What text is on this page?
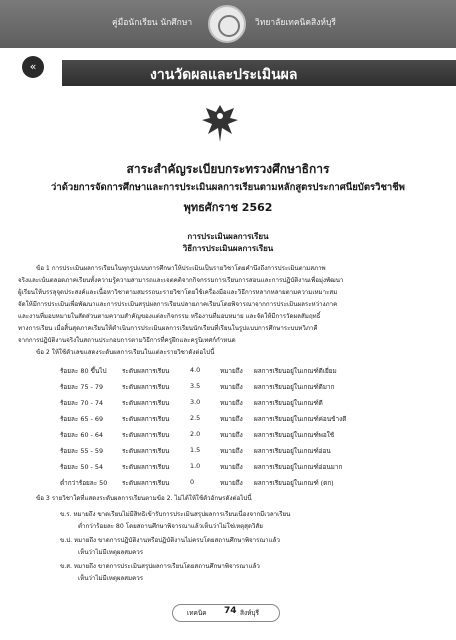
คู่มือนักเรียน นักศึกษา	วิทยาลัยเทคนิคสิงห์บุรี
«
งานวัดผลและประเมินผล
สาระสำคัญระเบียบกระทรวงศึกษาธิการ
ว่าด้วยการจัดการศึกษาและการประเมินผลการเรียนตามหลักสูตรประกาศนียบัตรวิชาชีพ
พุทธศักราช 2562
การประเมินผลการเรียน
วิธีการประเมินผลการเรียน
ข้อ 1 การประเมินผลการเรียนในทุกรูปแบบการศึกษาให้ประเมินเป็นรายวิชาโดยคำนึงถึงการประเมินตามสภาพ
จริงและเน้นตลอดภาคเรียนทั้งความรู้ความสามารถและเจตคติจากกิจกรรมการเรียนการสอนและการปฏิบัติงานเพื่อมุ่งพัฒนา
ผู้เรียนให้บรรลุจุดประสงค์และเนื้อหาวิชาตามสมรรถนะรายวิชาโดยใช้เครื่องมือและวิธีการหลากหลายตามความเหมาะสม
จัดให้มีการประเมินเพื่อพัฒนาและการประเมินสรุปผลการเรียนปลายภาคเรียนโดยพิจารณาจากการประเมินผลระหว่างภาค
และงานที่มอบหมายในสัดส่วนตามความสำคัญของแต่ละกิจกรรม หรืองานที่มอบหมาย และจัดให้มีการวัดผลสัมฤทธิ์
ทางการเรียน เมื่อสิ้นสุดภาคเรียนให้ดำเนินการประเมินผลการเรียนนักเรียนที่เรียนในรูปแบบการศึกษาระบบทวิภาคี
จากการปฏิบัติงานจริงในสถานประกอบการตามวิธีการที่ครูฝึกและครูนิเทศก์กำหนด
ข้อ 2 ให้ใช้ตัวเลขแสดงระดับผลการเรียนในแต่ละรายวิชาดังต่อไปนี้
ร้อยละ 80 ขึ้นไป ระดับผลการเรียน	4.0	หมายถึง ผลการเรียนอยู่ในเกณฑ์ดีเยี่ยม
ร้อยละ 75 - 79	ระดับผลการเรียน	3.5	หมายถึง ผลการเรียนอยู่ในเกณฑ์ดีมาก
ร้อยละ 70 - 74	ระดับผลการเรียน	3.0	หมายถึง ผลการเรียนอยู่ในเกณฑ์ดี
ร้อยละ 65 - 69	ระดับผลการเรียน	2.5	หมายถึง ผลการเรียนอยู่ในเกณฑ์ค่อนข้างดี
ร้อยละ 60 - 64	ระดับผลการเรียน	2.0	หมายถึง ผลการเรียนอยู่ในเกณฑ์พอใช้
ร้อยละ 55 - 59	ระดับผลการเรียน	1.5	หมายถึง ผลการเรียนอยู่ในเกณฑ์อ่อน
ร้อยละ 50 - 54	ระดับผลการเรียน	1.0	หมายถึง ผลการเรียนอยู่ในเกณฑ์อ่อนมาก
ต่ำกว่าร้อยละ 50 ระดับผลการเรียน	0	หมายถึง ผลการเรียนอยู่ในเกณฑ์ (ตก)
ข้อ 3 รายวิชาใดที่แสดงระดับผลการเรียนตามข้อ 2. ไม่ได้ให้ใช้ตัวอักษรดังต่อไปนี้
ข.ร. หมายถึง ขาดเรียนไม่มีสิทธิเข้ารับการประเมินสรุปผลการเรียนเนื่องจากมีเวลาเรียน
ต่ำกว่าร้อยละ 80 โดยสถานศึกษาพิจารณาแล้วเห็นว่าไม่ใช่เหตุสุดวิสัย
ข.ป. หมายถึง ขาดการปฏิบัติงานหรือปฏิบัติงานไม่ครบโดยสถานศึกษาพิจารณาแล้ว
เห็นว่าไม่มีเหตุผลสมควร
ข.ส. หมายถึง ขาดการประเมินสรุปผลการเรียนโดยสถานศึกษาพิจารณาแล้ว
เห็นว่าไม่มีเหตุผลสมควร
เทคนิค 74 สิงห์บุรี
